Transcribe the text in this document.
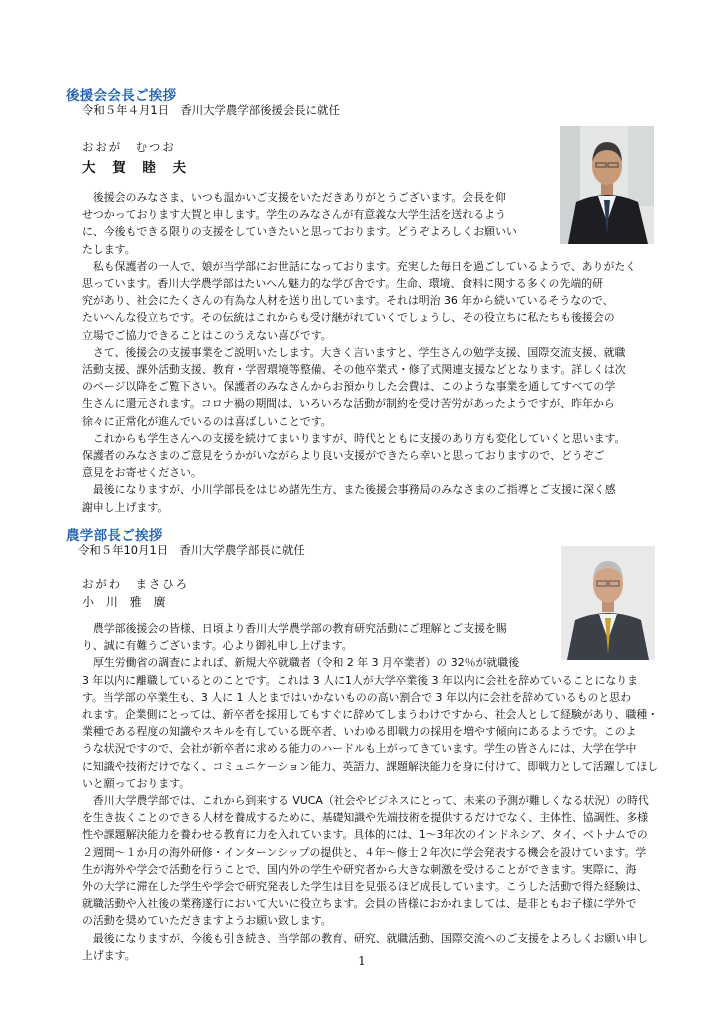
後援会会長ご挨拶
令和５年４月1日　香川大学農学部後援会長に就任
おおが　むつお
大 賀 睦 夫

　後援会のみなさま、いつも温かいご支援をいただきありがとうございます。会長を仰

せつかっております大賀と申します。学生のみなさんが有意義な大学生活を送れるよう

に、今後もできる限りの支援をしていきたいと思っております。どうぞよろしくお願いい

たします。

　私も保護者の一人で、娘が当学部にお世話になっております。充実した毎日を過ごしているようで、ありがたく

思っています。香川大学農学部はたいへん魅力的な学び舎です。生命、環境、食料に関する多くの先端的研

究があり、社会にたくさんの有為な人材を送り出しています。それは明治 36 年から続いているそうなので、

たいへんな役立ちです。その伝統はこれからも受け継がれていくでしょうし、その役立ちに私たちも後援会の

立場でご協力できることはこのうえない喜びです。

　さて、後援会の支援事業をご説明いたします。大きく言いますと、学生さんの勉学支援、国際交流支援、就職

活動支援、課外活動支援、教育・学習環境等整備、その他卒業式・修了式関連支援などとなります。詳しくは次

のページ以降をご覧下さい。保護者のみなさんからお預かりした会費は、このような事業を通してすべての学

生さんに還元されます。コロナ禍の期間は、いろいろな活動が制約を受け苦労があったようですが、昨年から

徐々に正常化が進んでいるのは喜ばしいことです。

　これからも学生さんへの支援を続けてまいりますが、時代とともに支援のあり方も変化していくと思います。

保護者のみなさまのご意見をうかがいながらより良い支援ができたら幸いと思っておりますので、どうぞご

意見をお寄せください。

　最後になりますが、小川学部長をはじめ諸先生方、また後援会事務局のみなさまのご指導とご支援に深く感

謝申し上げます。

農学部長ご挨拶
令和５年10月1日　香川大学農学部長に就任
おがわ　まさひろ
小 川 雅 廣

　農学部後援会の皆様、日頃より香川大学農学部の教育研究活動にご理解とご支援を賜

り、誠に有難うございます。心より御礼申し上げます。

　厚生労働省の調査によれば、新規大卒就職者（令和 2 年 3 月卒業者）の 32％が就職後

3 年以内に離職しているとのことです。これは 3 人に1人が大学卒業後 3 年以内に会社を辞めていることになりま

す。当学部の卒業生も、3 人に 1 人とまではいかないものの高い割合で 3 年以内に会社を辞めているものと思わ

れます。企業側にとっては、新卒者を採用してもすぐに辞めてしまうわけですから、社会人として経験があり、職種・

業種である程度の知識やスキルを有している既卒者、いわゆる即戦力の採用を増やす傾向にあるようです。このよ

うな状況ですので、会社が新卒者に求める能力のハードルも上がってきています。学生の皆さんには、大学在学中

に知識や技術だけでなく、コミュニケーション能力、英語力、課題解決能力を身に付けて、即戦力として活躍してほし

いと願っております。

　香川大学農学部では、これから到来する VUCA（社会やビジネスにとって、未来の予測が難しくなる状況）の時代

を生き抜くことのできる人材を養成するために、基礎知識や先端技術を提供するだけでなく、主体性、協調性、多様

性や課題解決能力を養わせる教育に力を入れています。具体的には、1〜3年次のインドネシア、タイ、ベトナムでの

２週間〜１か月の海外研修・インターンシップの提供と、４年〜修士２年次に学会発表する機会を設けています。学

生が海外や学会で活動を行うことで、国内外の学生や研究者から大きな刺激を受けることができます。実際に、海

外の大学に滞在した学生や学会で研究発表した学生は目を見張るほど成長しています。こうした活動で得た経験は、

就職活動や入社後の業務遂行において大いに役立ちます。会員の皆様におかれましては、是非ともお子様に学外で

の活動を奨めていただきますようお願い致します。

　最後になりますが、今後も引き続き、当学部の教育、研究、就職活動、国際交流へのご支援をよろしくお願い申し

上げます。	1
